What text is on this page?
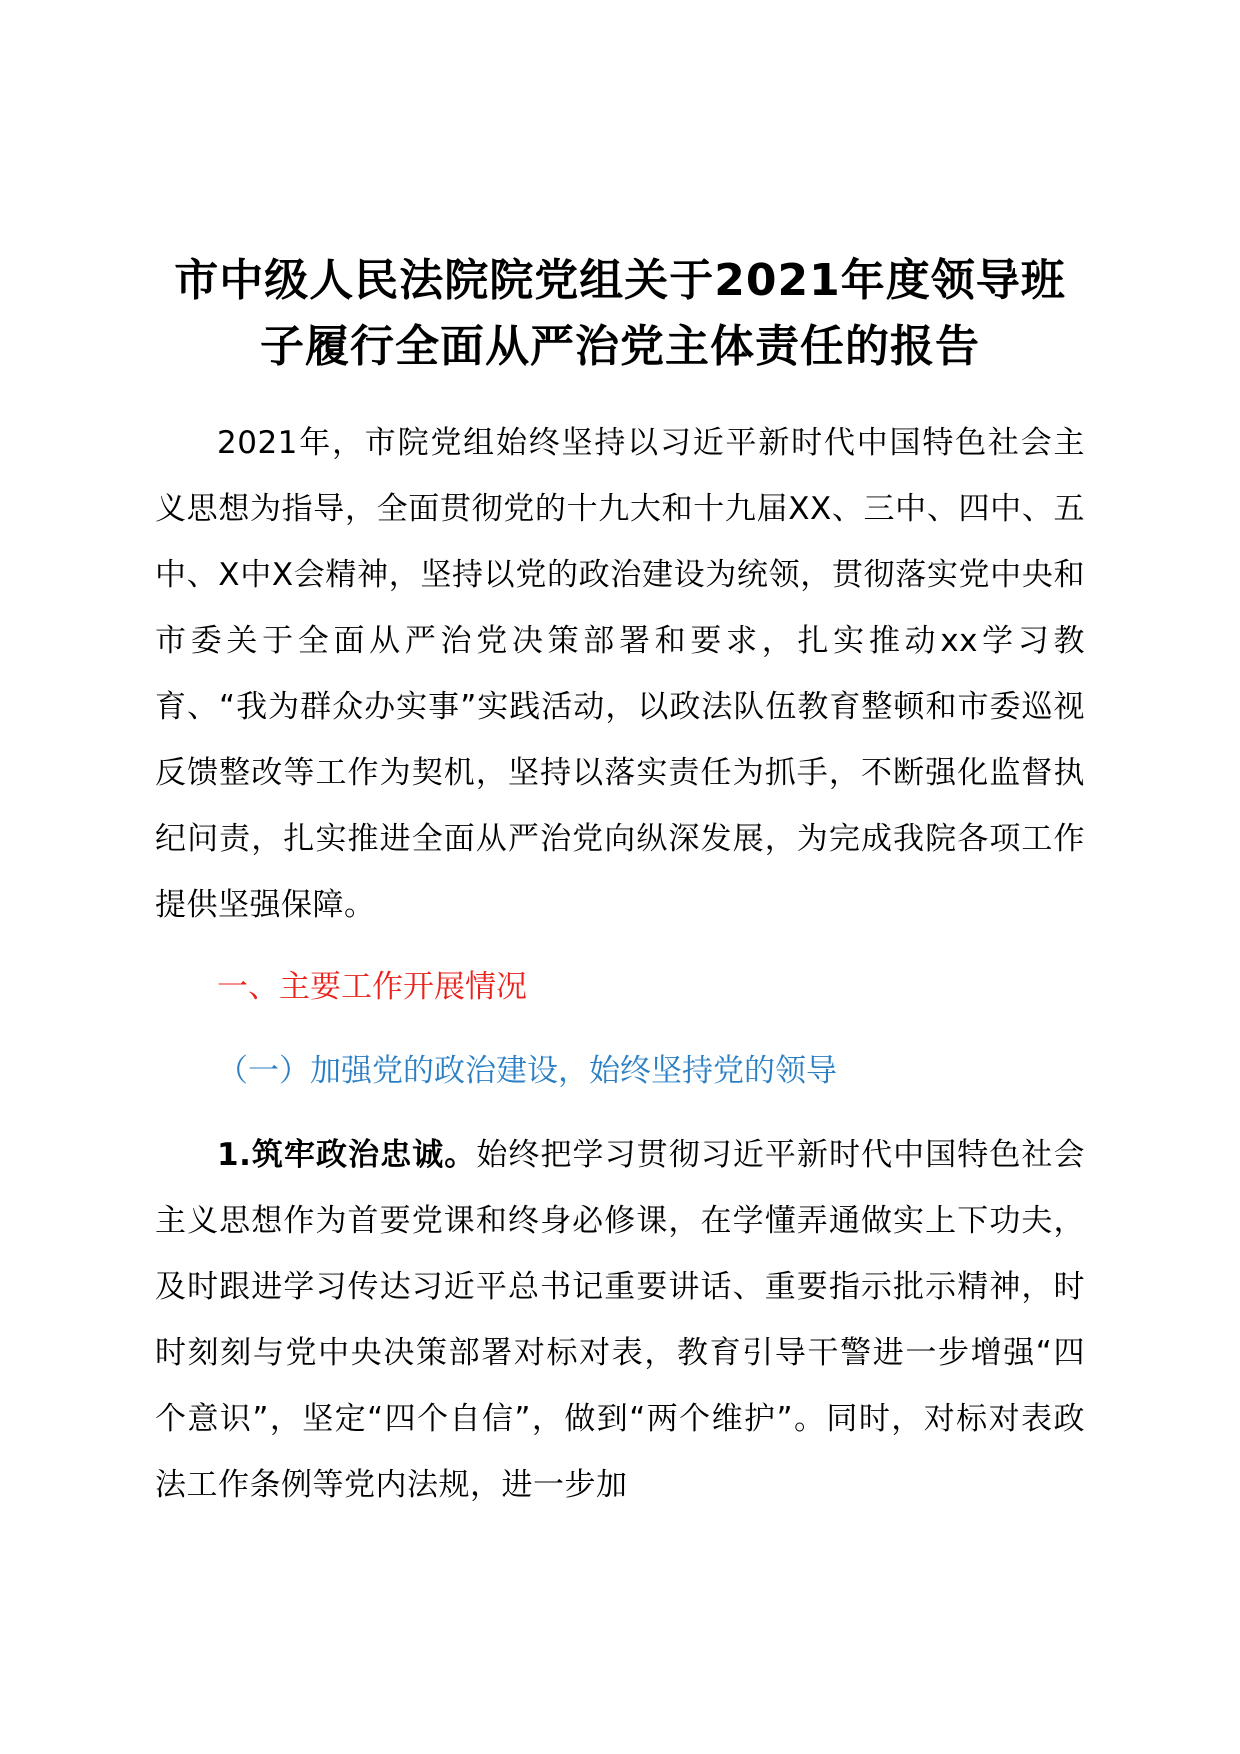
市中级人民法院院党组关于2021年度领导班
子履行全面从严治党主体责任的报告

2021年，市院党组始终坚持以习近平新时代中国特色社会主义思想为指导，全面贯彻党的十九大和十九届XX、三中、四中、五中、X中X会精神，坚持以党的政治建设为统领，贯彻落实党中央和市委关于全面从严治党决策部署和要求，扎实推动xx学习教育、“我为群众办实事”实践活动，以政法队伍教育整顿和市委巡视反馈整改等工作为契机，坚持以落实责任为抓手，不断强化监督执纪问责，扎实推进全面从严治党向纵深发展，为完成我院各项工作提供坚强保障。

一、主要工作开展情况

（一）加强党的政治建设，始终坚持党的领导

1.筑牢政治忠诚。始终把学习贯彻习近平新时代中国特色社会主义思想作为首要党课和终身必修课，在学懂弄通做实上下功夫，及时跟进学习传达习近平总书记重要讲话、重要指示批示精神，时时刻刻与党中央决策部署对标对表，教育引导干警进一步增强“四个意识”，坚定“四个自信”，做到“两个维护”。同时，对标对表政法工作条例等党内法规，进一步加
